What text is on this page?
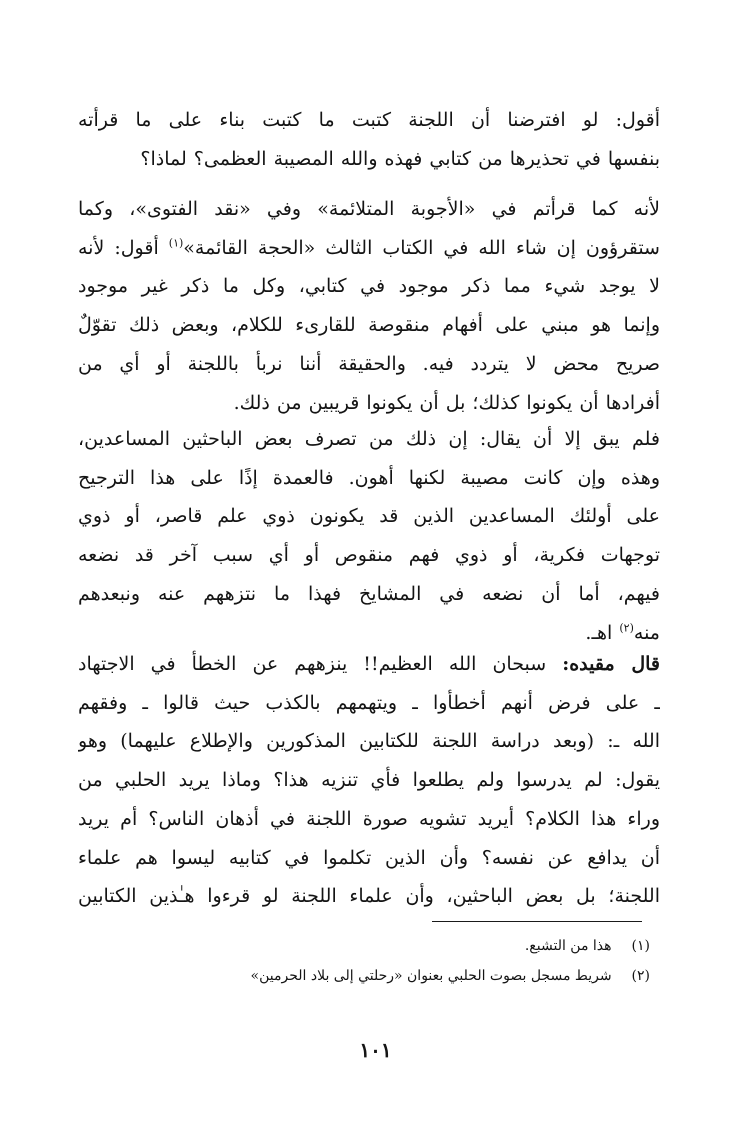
أقول: لو افترضنا أن اللجنة كتبت ما كتبت بناء على ما قرأته
بنفسها في تحذيرها من كتابي فهذه والله المصيبة العظمى؟ لماذا؟
لأنه كما قرأتم في «الأجوبة المتلائمة» وفي «نقد الفتوى»، وكما
ستقرؤون إن شاء الله في الكتاب الثالث «الحجة القائمة»$^{(١)}$ أقول: لأنه
لا يوجد شيء مما ذكر موجود في كتابي، وكل ما ذكر غير موجود
وإنما هو مبني على أفهام منقوصة للقارىء للكلام، وبعض ذلك تقوّلٌ
صريح محض لا يتردد فيه. والحقيقة أننا نربأ باللجنة أو أي من
أفرادها أن يكونوا كذلك؛ بل أن يكونوا قريبين من ذلك.
فلم يبق إلا أن يقال: إن ذلك من تصرف بعض الباحثين المساعدين،
وهذه وإن كانت مصيبة لكنها أهون. فالعمدة إذًا على هذا الترجيح
على أولئك المساعدين الذين قد يكونون ذوي علم قاصر، أو ذوي
توجهات فكرية، أو ذوي فهم منقوص أو أي سبب آخر قد نضعه
فيهم، أما أن نضعه في المشايخ فهذا ما نتزههم عنه ونبعدهم
منه$^{(٢)}$ اهـ.
قال مقيده: سبحان الله العظيم!! ينزههم عن الخطأ في الاجتهاد
ـ على فرض أنهم أخطأوا ـ ويتهمهم بالكذب حيث قالوا ـ وفقهم
الله ـ: (وبعد دراسة اللجنة للكتابين المذكورين والإطلاع عليهما) وهو
يقول: لم يدرسوا ولم يطلعوا فأي تنزيه هذا؟ وماذا يريد الحلبي من
وراء هذا الكلام؟ أيريد تشويه صورة اللجنة في أذهان الناس؟ أم يريد
أن يدافع عن نفسه؟ وأن الذين تكلموا في كتابيه ليسوا هم علماء
اللجنة؛ بل بعض الباحثين، وأن علماء اللجنة لو قرءوا هـٰذين الكتابين
(١) هذا من التشبع.
(٢) شريط مسجل بصوت الحلبي بعنوان «رحلتي إلى بلاد الحرمين»
١٠١
